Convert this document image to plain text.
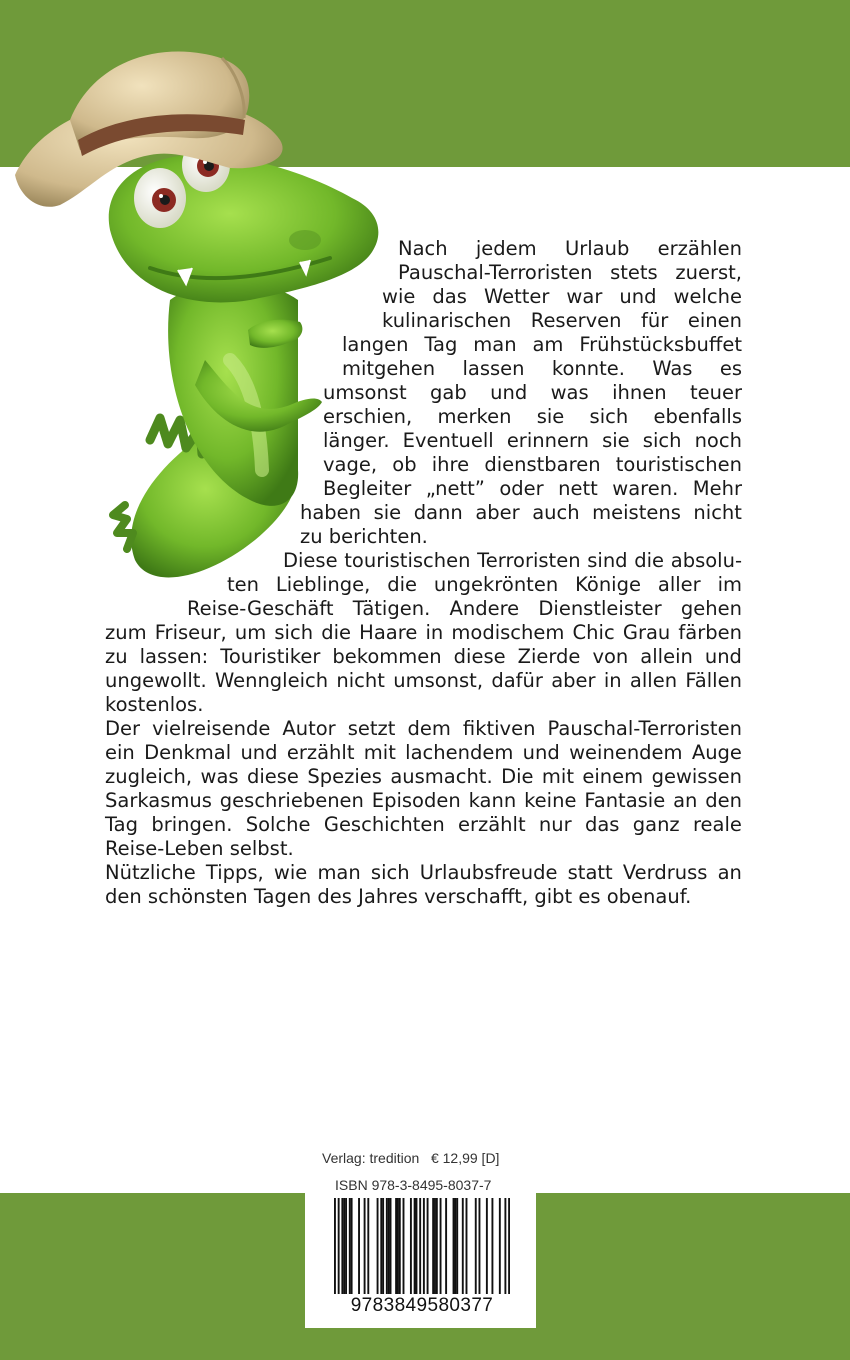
Nach jedem Urlaub erzählen
Pauschal-Terroristen stets zuerst,
wie das Wetter war und welche
kulinarischen Reserven für einen
langen Tag man am Frühstücksbuffet
mitgehen lassen konnte. Was es
umsonst gab und was ihnen teuer
erschien, merken sie sich ebenfalls
länger. Eventuell erinnern sie sich noch
vage, ob ihre dienstbaren touristischen
Begleiter „nett” oder nett waren. Mehr
haben sie dann aber auch meistens nicht
zu berichten.
Diese touristischen Terroristen sind die absolu-
ten Lieblinge, die ungekrönten Könige aller im
Reise-Geschäft Tätigen. Andere Dienstleister gehen
zum Friseur, um sich die Haare in modischem Chic Grau färben
zu lassen: Touristiker bekommen diese Zierde von allein und
ungewollt. Wenngleich nicht umsonst, dafür aber in allen Fällen
kostenlos.
Der vielreisende Autor setzt dem fiktiven Pauschal-Terroristen
ein Denkmal und erzählt mit lachendem und weinendem Auge
zugleich, was diese Spezies ausmacht. Die mit einem gewissen
Sarkasmus geschriebenen Episoden kann keine Fantasie an den
Tag bringen. Solche Geschichten erzählt nur das ganz reale
Reise-Leben selbst.
Nützliche Tipps, wie man sich Urlaubsfreude statt Verdruss an
den schönsten Tagen des Jahres verschafft, gibt es obenauf.
Verlag: tredition   € 12,99 [D]
ISBN 978-3-8495-8037-7
9783849580377
